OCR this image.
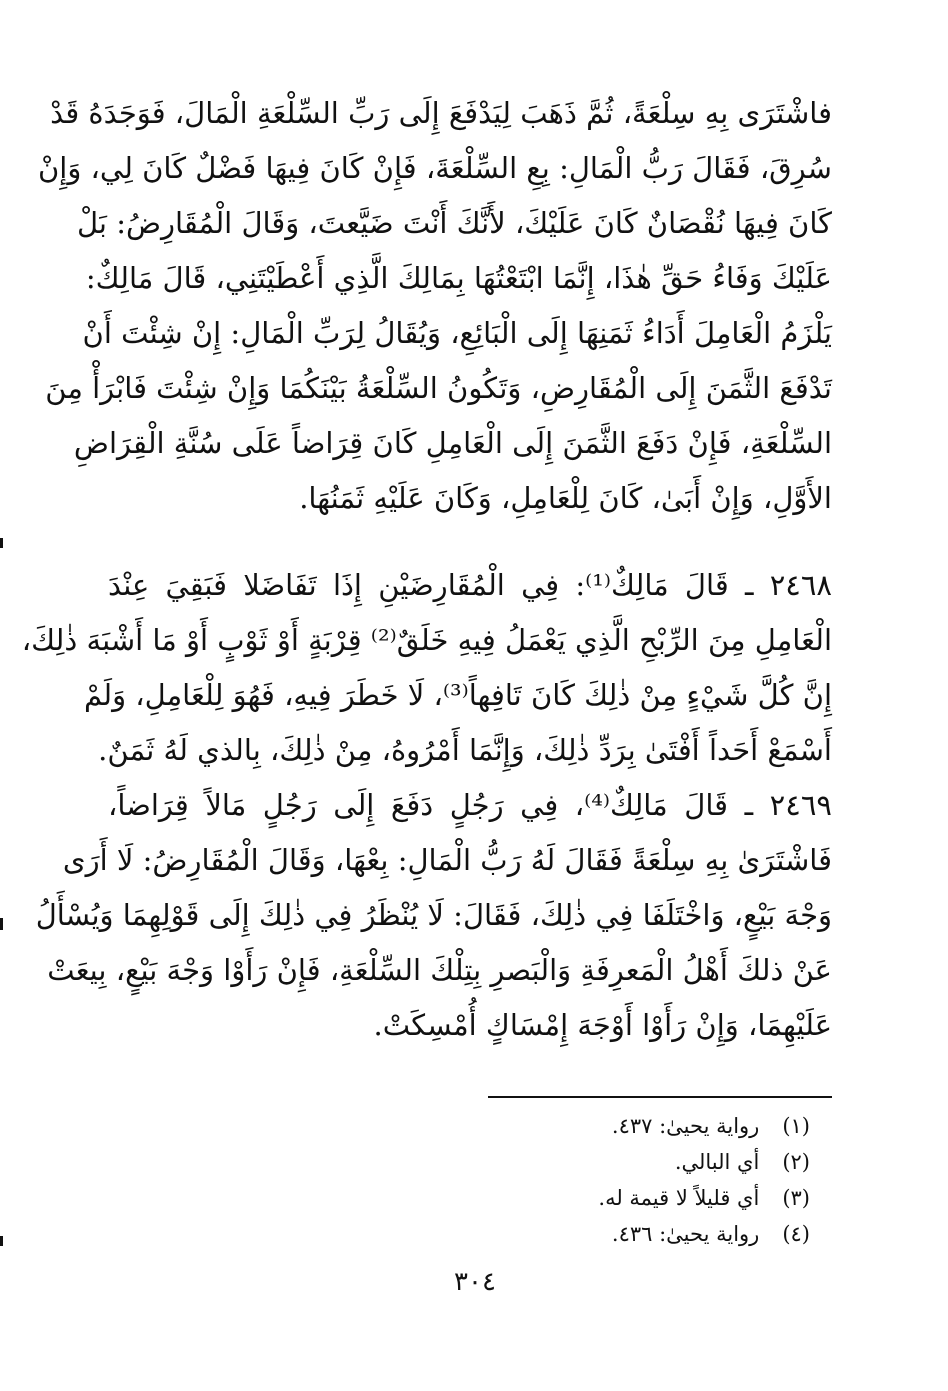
فاشْتَرَى بِهِ سِلْعَةً، ثُمَّ ذَهَبَ لِيَدْفَعَ إِلَى رَبِّ السِّلْعَةِ الْمَالَ، فَوَجَدَهُ قَدْ
سُرِقَ، فَقَالَ رَبُّ الْمَالِ: بِعِ السِّلْعَةَ، فَإِنْ كَانَ فِيهَا فَضْلٌ كَانَ لِي، وَإِنْ
كَانَ فِيهَا نُقْصَانٌ كَانَ عَلَيْكَ، لأَنَّكَ أَنْتَ ضَيَّعتَ، وَقَالَ الْمُقَارِضُ: بَلْ
عَلَيْكَ وَفَاءُ حَقِّ هٰذَا، إِنَّمَا ابْتَعْتُهَا بِمَالِكَ الَّذِي أَعْطَيْتَنِي، قَالَ مَالِكٌ:
يَلْزَمُ الْعَامِلَ أَدَاءُ ثَمَنِهَا إِلَى الْبَائِعِ، وَيُقَالُ لِرَبِّ الْمَالِ: إِنْ شِئْتَ أَنْ
تَدْفَعَ الثَّمَنَ إِلَى الْمُقَارِضِ، وَتَكُونُ السِّلْعَةُ بَيْنَكُمَا وَإِنْ شِئْتَ فَابْرَأْ مِنَ
السِّلْعَةِ، فَإِنْ دَفَعَ الثَّمَنَ إِلَى الْعَامِلِ كَانَ قِرَاضاً عَلَى سُنَّةِ الْقِرَاضِ
الأَوَّلِ، وَإِنْ أَبَىٰ، كَانَ لِلْعَامِلِ، وَكَانَ عَلَيْهِ ثَمَنُهَا.
٢٤٦٨ ـ قَالَ مَالِكٌ⁽¹⁾: فِي الْمُقَارِضَيْنِ إِذَا تَفَاضَلا فَبَقِيَ عِنْدَ
الْعَامِلِ مِنَ الرِّبْحِ الَّذِي يَعْمَلُ فِيهِ خَلَقٌ⁽²⁾ قِرْبَةٍ أَوْ ثَوْبٍ أَوْ مَا أَشْبَهَ ذٰلِكَ،
إِنَّ كُلَّ شَيْءٍ مِنْ ذٰلِكَ كَانَ تَافِهاً⁽³⁾، لَا خَطَرَ فِيهِ، فَهُوَ لِلْعَامِلِ، وَلَمْ
أَسْمَعْ أَحَداً أَفْتَىٰ بِرَدِّ ذٰلِكَ، وَإِنَّمَا أَمْرُوهُ، مِنْ ذٰلِكَ، بِالذي لَهُ ثَمَنٌ.
٢٤٦٩ ـ قَالَ مَالِكٌ⁽⁴⁾، فِي رَجُلٍ دَفَعَ إِلَى رَجُلٍ مَالاً قِرَاضاً،
فَاشْتَرَىٰ بِهِ سِلْعَةً فَقَالَ لَهُ رَبُّ الْمَالِ: بِعْهَا، وَقَالَ الْمُقَارِضُ: لَا أَرَى
وَجْهَ بَيْعٍ، وَاخْتَلَفَا فِي ذٰلِكَ، فَقَالَ: لَا يُنْظَرُ فِي ذٰلِكَ إِلَى قَوْلِهِمَا وَيُسْأَلُ
عَنْ ذلكَ أَهْلُ الْمَعرِفَةِ وَالْبَصرِ بِتِلْكَ السِّلْعَةِ، فَإِنْ رَأَوْا وَجْهَ بَيْعٍ، بِيعَتْ
عَلَيْهِمَا، وَإِنْ رَأَوْا أَوْجَهَ إِمْسَاكٍ أُمْسِكَتْ.
(١) رواية يحيىٰ: ٤٣٧.
(٢) أي البالي.
(٣) أي قليلاً لا قيمة له.
(٤) رواية يحيىٰ: ٤٣٦.
٣٠٤
